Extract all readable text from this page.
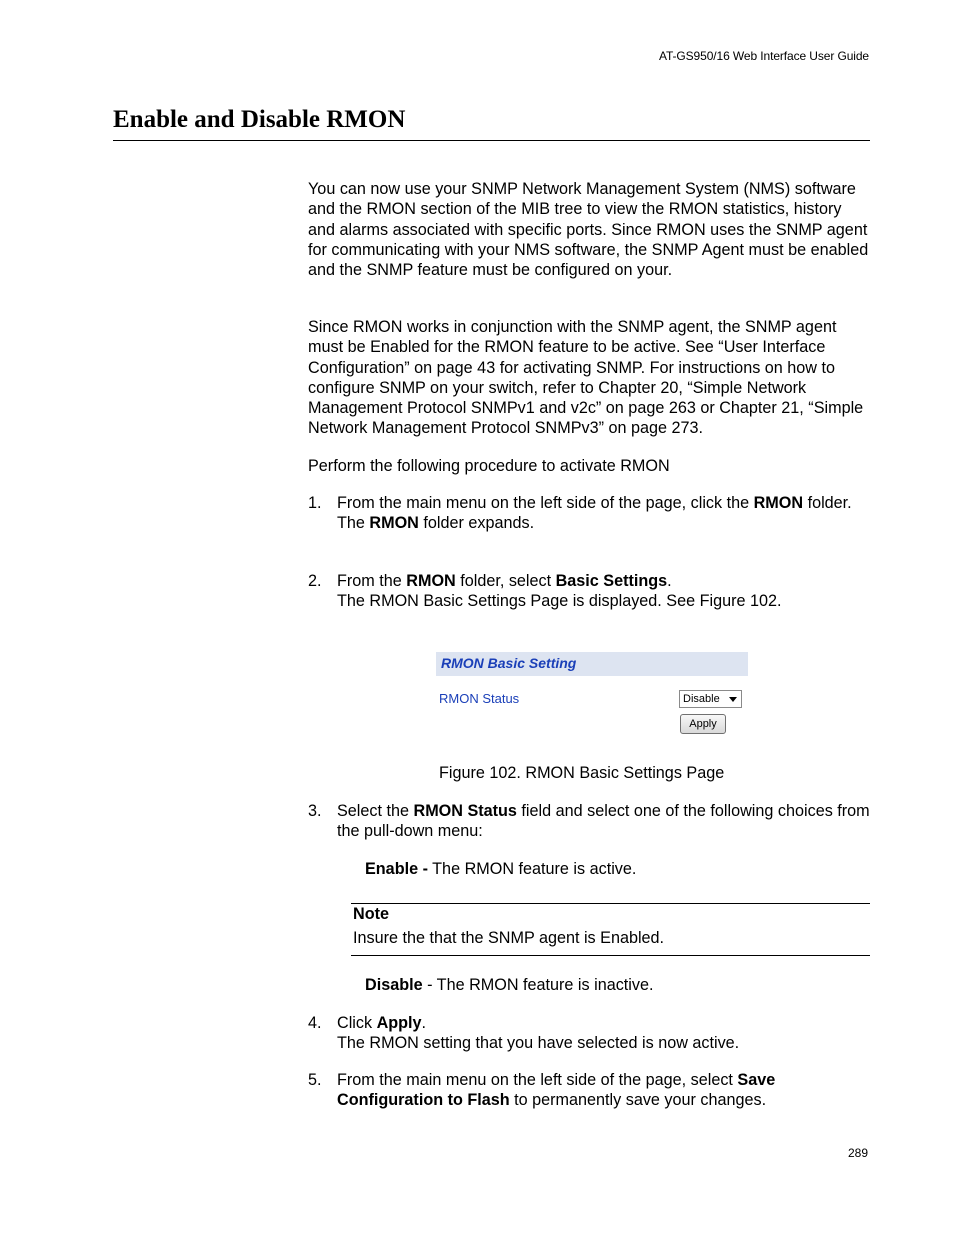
AT-GS950/16 Web Interface User Guide
Enable and Disable RMON
You can now use your SNMP Network Management System (NMS) software and the RMON section of the MIB tree to view the RMON statistics, history and alarms associated with specific ports. Since RMON uses the SNMP agent for communicating with your NMS software, the SNMP Agent must be enabled and the SNMP feature must be configured on your.
Since RMON works in conjunction with the SNMP agent, the SNMP agent must be Enabled for the RMON feature to be active. See “User Interface Configuration” on page 43 for activating SNMP. For instructions on how to configure SNMP on your switch, refer to Chapter 20, “Simple Network Management Protocol SNMPv1 and v2c” on page 263 or Chapter 21, “Simple Network Management Protocol SNMPv3” on page 273.
Perform the following procedure to activate RMON
1. From the main menu on the left side of the page, click the RMON folder.
The RMON folder expands.
2. From the RMON folder, select Basic Settings.
The RMON Basic Settings Page is displayed. See Figure 102.
RMON Basic Setting
RMON Status	Disable
Apply
Figure 102. RMON Basic Settings Page
3. Select the RMON Status field and select one of the following choices from the pull-down menu:
Enable - The RMON feature is active.
Note
Insure the that the SNMP agent is Enabled.
Disable - The RMON feature is inactive.
4. Click Apply.
The RMON setting that you have selected is now active.
5. From the main menu on the left side of the page, select Save Configuration to Flash to permanently save your changes.
289
